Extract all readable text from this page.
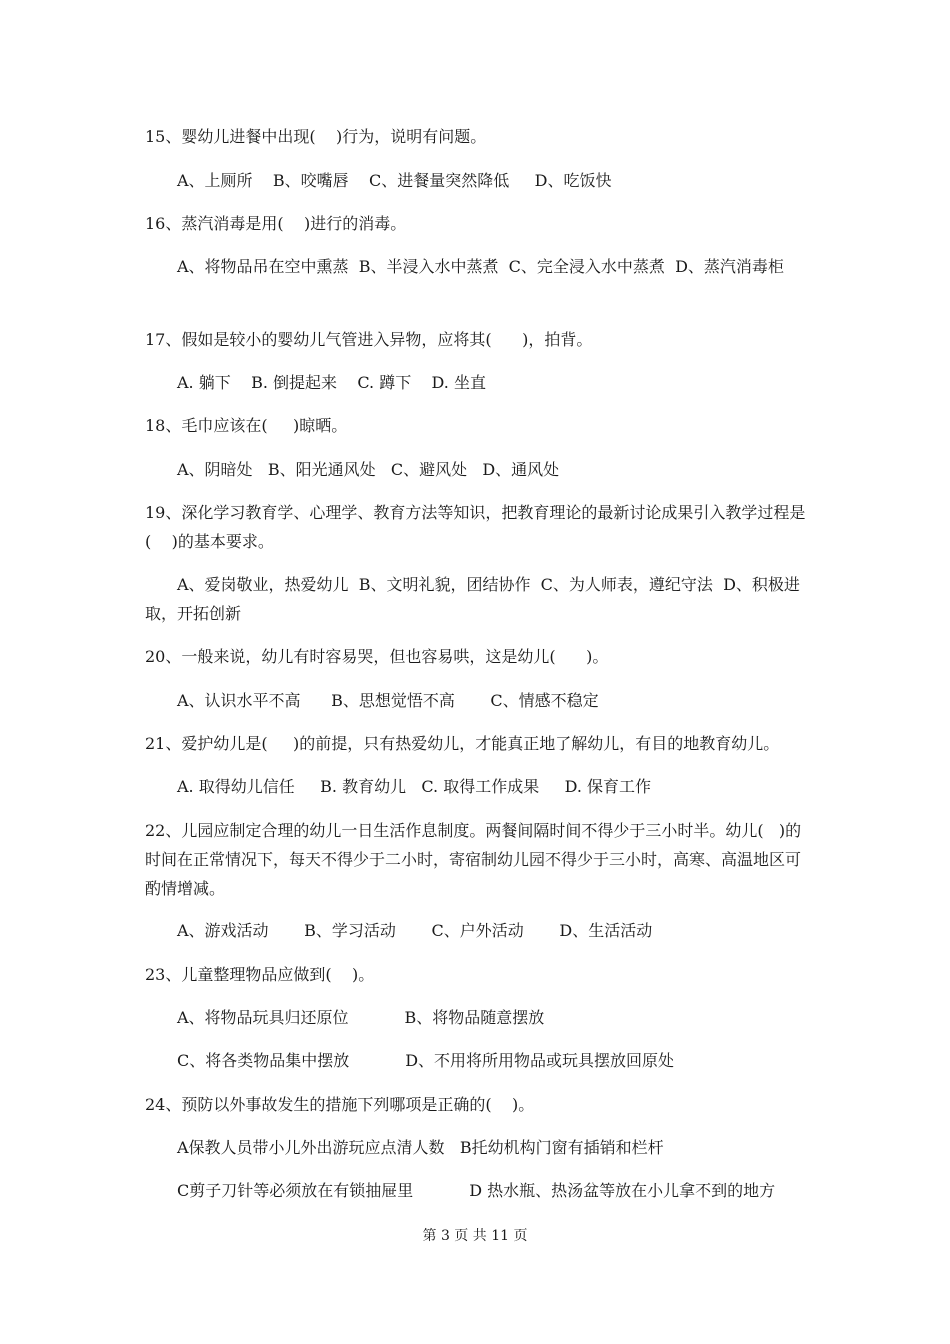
15、婴幼儿进餐中出现(    )行为，说明有问题。
A、上厕所    B、咬嘴唇    C、进餐量突然降低     D、吃饭快
16、蒸汽消毒是用(    )进行的消毒。
A、将物品吊在空中熏蒸  B、半浸入水中蒸煮  C、完全浸入水中蒸煮  D、蒸汽消毒柜
17、假如是较小的婴幼儿气管进入异物，应将其(      )，拍背。
A. 躺下    B. 倒提起来    C. 蹲下    D. 坐直
18、毛巾应该在(     )晾晒。
A、阴暗处   B、阳光通风处   C、避风处   D、通风处
19、深化学习教育学、心理学、教育方法等知识，把教育理论的最新讨论成果引入教学过程是(    )的基本要求。
A、爱岗敬业，热爱幼儿  B、文明礼貌，团结协作  C、为人师表，遵纪守法  D、积极进取，开拓创新
20、一般来说，幼儿有时容易哭，但也容易哄，这是幼儿(      )。
A、认识水平不高      B、思想觉悟不高       C、情感不稳定
21、爱护幼儿是(     )的前提，只有热爱幼儿，才能真正地了解幼儿，有目的地教育幼儿。
A. 取得幼儿信任     B. 教育幼儿   C. 取得工作成果     D. 保育工作
22、儿园应制定合理的幼儿一日生活作息制度。两餐间隔时间不得少于三小时半。幼儿(   )的时间在正常情况下，每天不得少于二小时，寄宿制幼儿园不得少于三小时，高寒、高温地区可酌情增减。
A、游戏活动       B、学习活动       C、户外活动       D、生活活动
23、儿童整理物品应做到(    )。
A、将物品玩具归还原位           B、将物品随意摆放
C、将各类物品集中摆放           D、不用将所用物品或玩具摆放回原处
24、预防以外事故发生的措施下列哪项是正确的(    )。
A保教人员带小儿外出游玩应点清人数   B托幼机构门窗有插销和栏杆
C剪子刀针等必须放在有锁抽屉里           D 热水瓶、热汤盆等放在小儿拿不到的地方
第 3 页 共 11 页
